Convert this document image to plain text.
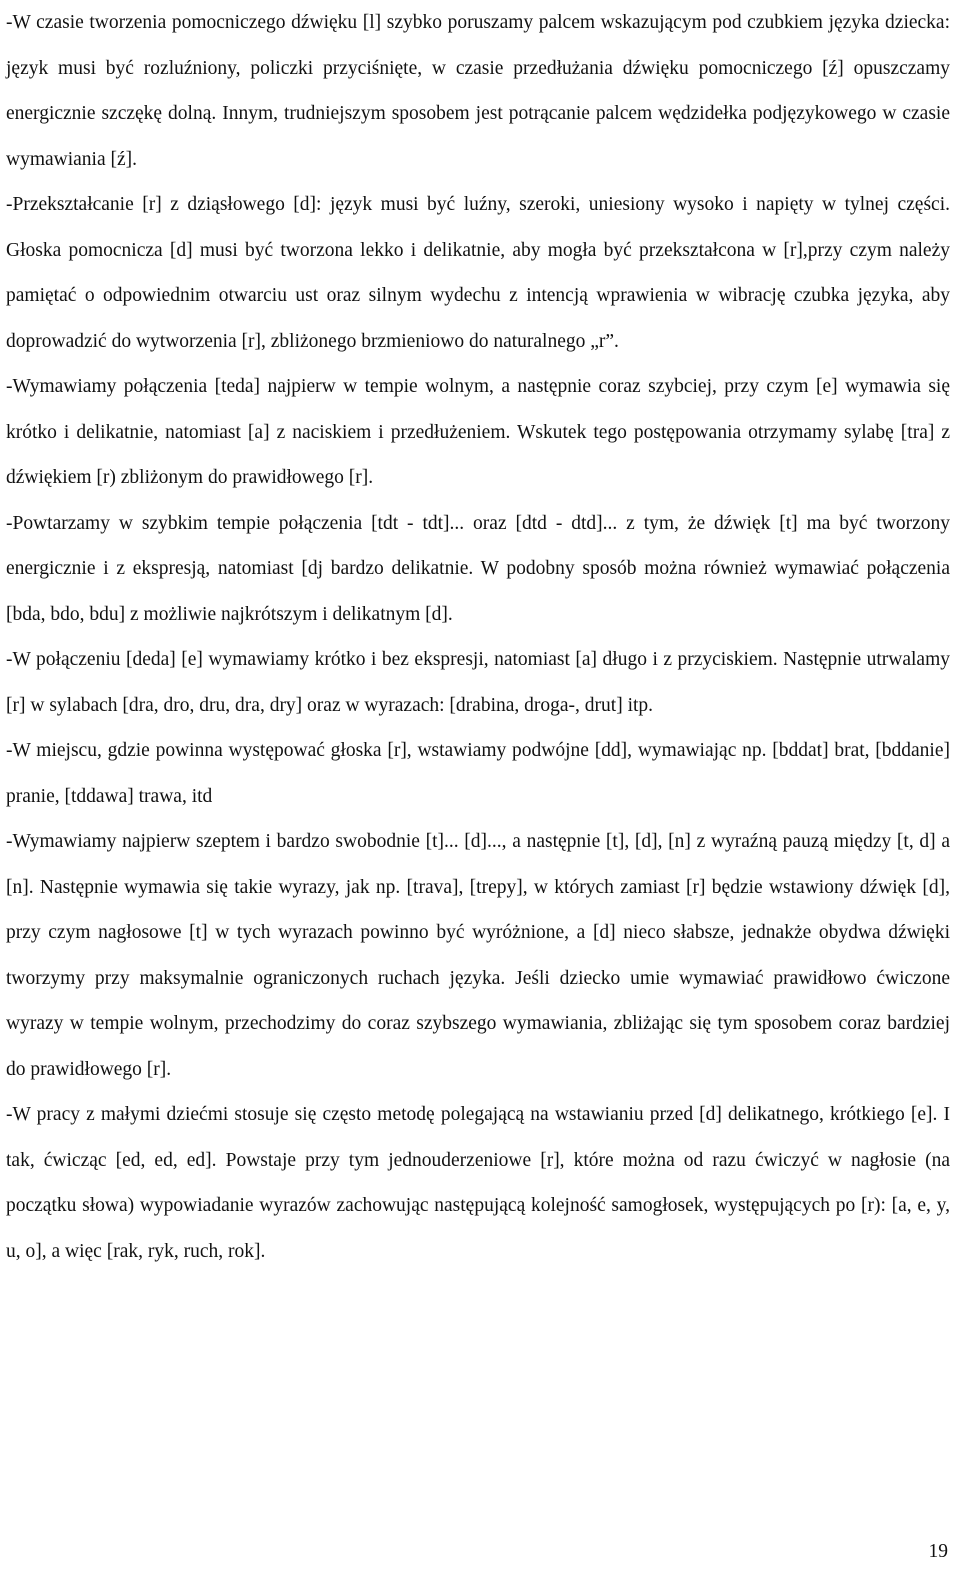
-W czasie tworzenia pomocniczego dźwięku [l] szybko poruszamy palcem wskazującym pod czubkiem języka dziecka: język musi być rozluźniony, policzki przyciśnięte, w czasie przedłużania dźwięku pomocniczego [ź] opuszczamy energicznie szczękę dolną. Innym, trudniejszym sposobem jest potrącanie palcem wędzidełka podjęzykowego w czasie wymawiania [ź].

-Przekształcanie [r] z dziąsłowego [d]: język musi być luźny, szeroki, uniesiony wysoko i napięty w tylnej części. Głoska pomocnicza [d] musi być tworzona lekko i delikatnie, aby mogła być przekształcona w [r],przy czym należy pamiętać o odpowiednim otwarciu ust oraz silnym wydechu z intencją wprawienia w wibrację czubka języka, aby doprowadzić do wytworzenia [r], zbliżonego brzmieniowo do naturalnego „r”.

-Wymawiamy połączenia [teda] najpierw w tempie wolnym, a następnie coraz szybciej, przy czym [e] wymawia się krótko i delikatnie, natomiast [a] z naciskiem i przedłużeniem. Wskutek tego postępowania otrzymamy sylabę [tra] z dźwiękiem [r) zbliżonym do prawidłowego [r].

-Powtarzamy w szybkim tempie połączenia [tdt - tdt]... oraz [dtd - dtd]... z tym, że dźwięk [t] ma być tworzony energicznie i z ekspresją, natomiast [dj bardzo delikatnie. W podobny sposób można również wymawiać połączenia [bda, bdo, bdu] z możliwie najkrótszym i delikatnym [d].

-W połączeniu [deda] [e] wymawiamy krótko i bez ekspresji, natomiast [a] długo i z przyciskiem. Następnie utrwalamy [r] w sylabach [dra, dro, dru, dra, dry] oraz w wyrazach: [drabina, droga-, drut] itp.

-W miejscu, gdzie powinna występować głoska [r], wstawiamy podwójne [dd], wymawiając np. [bddat] brat, [bddanie] pranie, [tddawa] trawa, itd

-Wymawiamy najpierw szeptem i bardzo swobodnie [t]... [d]..., a następnie [t], [d], [n] z wyraźną pauzą między [t, d] a [n]. Następnie wymawia się takie wyrazy, jak np. [trava], [trepy], w których zamiast [r] będzie wstawiony dźwięk [d], przy czym nagłosowe [t] w tych wyrazach powinno być wyróżnione, a [d] nieco słabsze, jednakże obydwa dźwięki tworzymy przy maksymalnie ograniczonych ruchach języka. Jeśli dziecko umie wymawiać prawidłowo ćwiczone wyrazy w tempie wolnym, przechodzimy do coraz szybszego wymawiania, zbliżając się tym sposobem coraz bardziej do prawidłowego [r].

-W pracy z małymi dziećmi stosuje się często metodę polegającą na wstawianiu przed [d] delikatnego, krótkiego [e]. I tak, ćwicząc [ed, ed, ed]. Powstaje przy tym jednouderzeniowe [r], które można od razu ćwiczyć w nagłosie (na początku słowa) wypowiadanie wyrazów zachowując następującą kolejność samogłosek, występujących po [r): [a, e, y, u, o], a więc [rak, ryk, ruch, rok].

19
